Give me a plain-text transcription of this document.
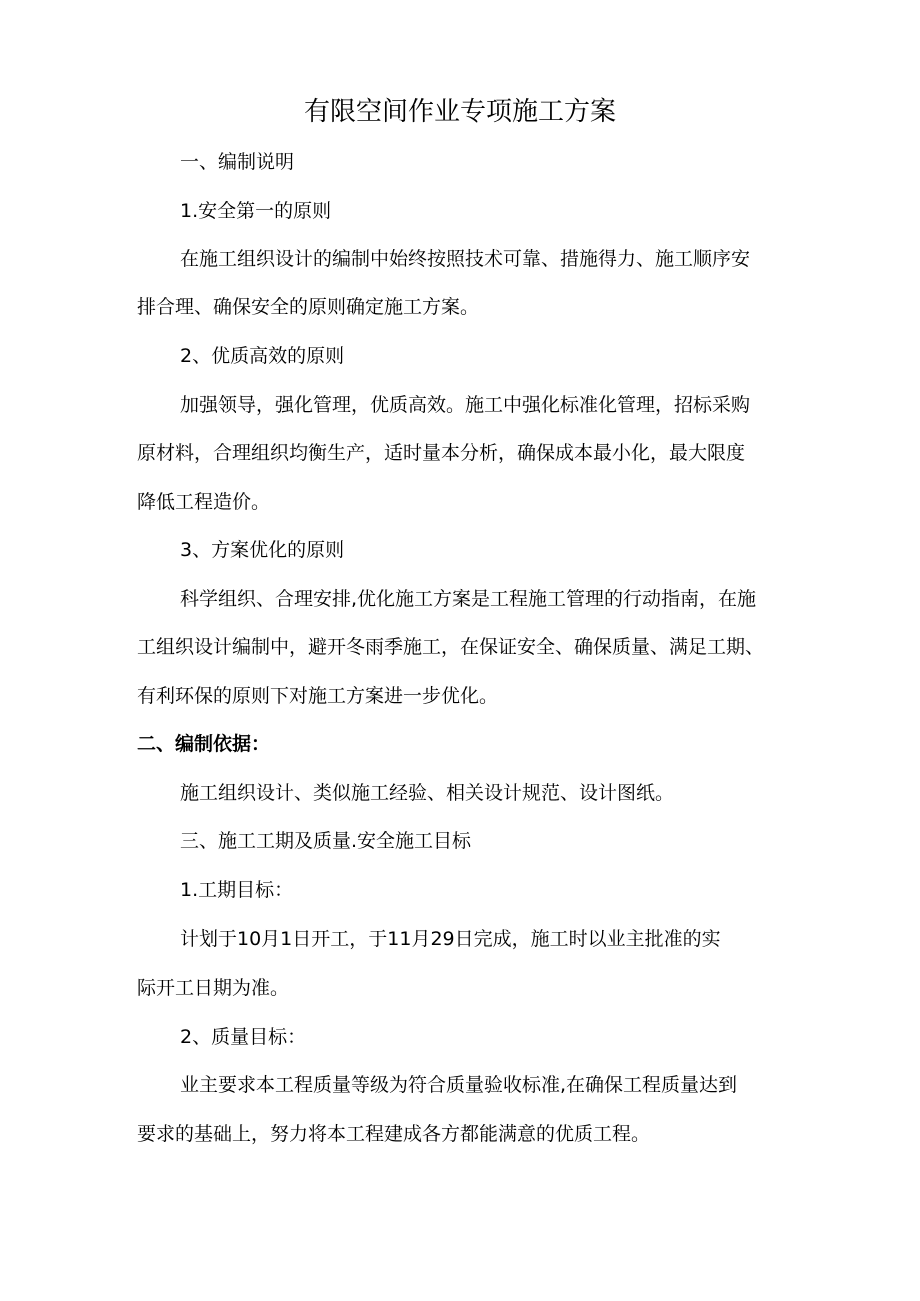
有限空间作业专项施工方案
一、编制说明
1.安全第一的原则
在施工组织设计的编制中始终按照技术可靠、措施得力、施工顺序安
排合理、确保安全的原则确定施工方案。
2、优质高效的原则
加强领导，强化管理，优质高效。施工中强化标准化管理，招标采购
原材料，合理组织均衡生产，适时量本分析，确保成本最小化，最大限度
降低工程造价。
3、方案优化的原则
科学组织、合理安排,优化施工方案是工程施工管理的行动指南，在施
工组织设计编制中，避开冬雨季施工，在保证安全、确保质量、满足工期、
有利环保的原则下对施工方案进一步优化。
二、编制依据：
施工组织设计、类似施工经验、相关设计规范、设计图纸。
三、施工工期及质量.安全施工目标
1.工期目标：
计划于10月1日开工，于11月29日完成，施工时以业主批准的实
际开工日期为准。
2、质量目标：
业主要求本工程质量等级为符合质量验收标准,在确保工程质量达到
要求的基础上，努力将本工程建成各方都能满意的优质工程。
